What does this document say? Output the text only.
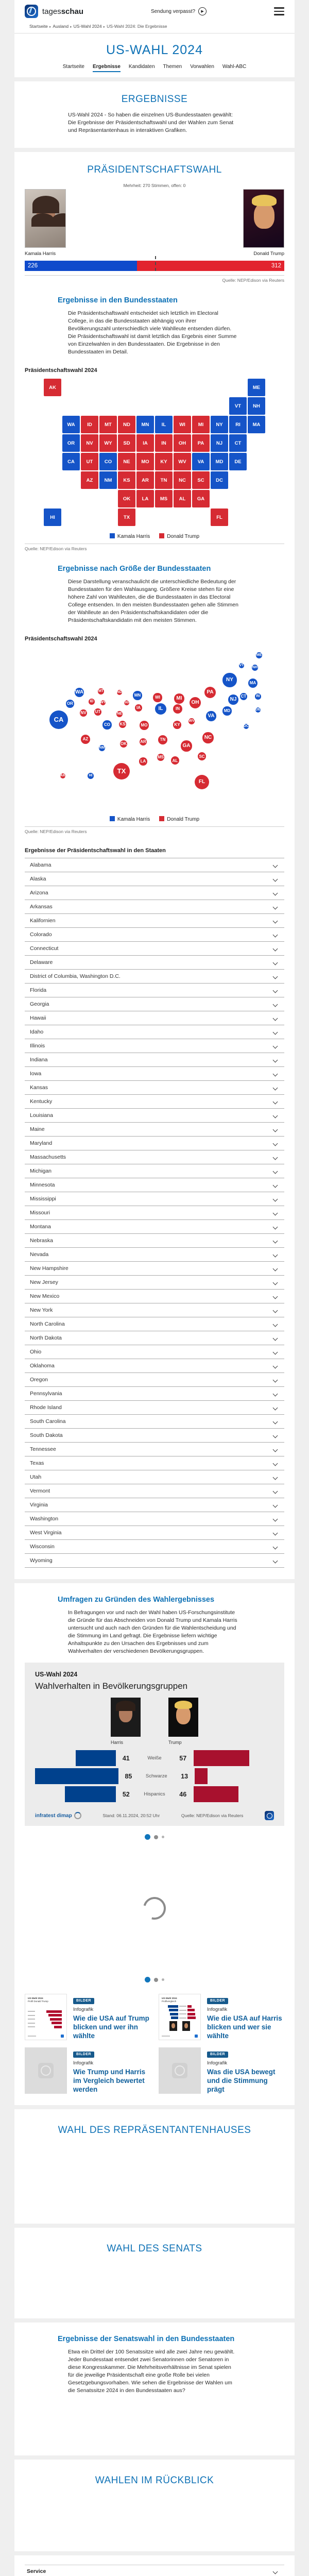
tagesschau	Sendung verpasst? ▶
Startseite ▸ Ausland ▸ US-Wahl 2024 ▸ US-Wahl 2024: Die Ergebnisse
US-WAHL 2024
Startseite Ergebnisse Kandidaten Themen Vorwahlen Wahl-ABC
ERGEBNISSE

US-Wahl 2024 - So haben die einzelnen US-Bundesstaaten gewählt: Die Ergebnisse der Präsidentschaftswahl und der Wahlen zum Senat und Repräsentantenhaus in interaktiven Grafiken.

PRÄSIDENTSCHAFTSWAHL
Mehrheit: 270 Stimmen, offen: 0
Kamala Harris	Donald Trump
226	312
Quelle: NEP/Edison via Reuters
Ergebnisse in den Bundesstaaten

Die Präsidentschaftswahl entscheidet sich letztlich im Electoral College, in das die Bundesstaaten abhängig von ihrer Bevölkerungszahl unterschiedlich viele Wahlleute entsenden dürfen. Die Präsidentschaftswahl ist damit letztlich das Ergebnis einer Summe von Einzelwahlen in den Bundesstaaten. Die Ergebnisse in den Bundesstaaten im Detail.

Präsidentschaftswahl 2024
AL
AK
AZ	AR
CA	CO
CT
DE
DC
FL
GA
HI
ID	IL
IN
IA
KS
KY
LA
ME
MD
MA
MI
MN
MS
MO
MT
NE
NV
NH
NJ
NM
NY
NC
ND
OH
OK
OR	PA
RI
SC
SD
TN
TX
UT
VT
VA
WA
WV
WI
WY
Kamala Harris	Donald Trump
Quelle: NEP/Edison via Reuters
Ergebnisse nach Größe der Bundesstaaten

Diese Darstellung veranschaulicht die unterschiedliche Bedeutung der Bundesstaaten für den Wahlausgang. Größere Kreise stehen für eine höhere Zahl von Wahlleuten, die die Bundesstaaten in das Electoral College entsenden. In den meisten Bundesstaaten gehen alle Stimmen der Wahlleute an den Präsidentschaftskandidaten oder die Präsidentschaftskandidatin mit den meisten Stimmen.

Präsidentschaftswahl 2024
AL
AK
AZ
AR
CA
CO
CT
DE
DC
FL
GA
HI
ID
IL	IN
IA
KS	KY
LA
ME
MD
MA
MI
MN
MS
MO
MT
NE
NV
NH
NJ
NM
NY
NC
ND
OH
OK
OR
PA
RI
SC
SD
TN
TX
UT
VT
VA
WA
WV
WI
WY
Kamala Harris	Donald Trump
Quelle: NEP/Edison via Reuters
Ergebnisse der Präsidentschaftswahl in den Staaten
Alabama
Alaska
Arizona
Arkansas
Kalifornien
Colorado
Connecticut
Delaware
District of Columbia, Washington D.C.
Florida
Georgia
Hawaii
Idaho
Illinois
Indiana
Iowa
Kansas
Kentucky
Louisiana
Maine
Maryland
Massachusetts
Michigan
Minnesota
Mississippi
Missouri
Montana
Nebraska
Nevada
New Hampshire
New Jersey
New Mexico
New York
North Carolina
North Dakota
Ohio
Oklahoma
Oregon
Pennsylvania
Rhode Island
South Carolina
South Dakota
Tennessee
Texas
Utah
Vermont
Virginia
Washington
West Virginia
Wisconsin
Wyoming
Umfragen zu Gründen des Wahlergebnisses

In Befragungen vor und nach der Wahl haben US-Forschungsinstitute die Gründe für das Abschneiden von Donald Trump und Kamala Harris untersucht und auch nach den Gründen für die Wahlentscheidung und die Stimmung im Land gefragt. Die Ergebnisse liefern wichtige Anhaltspunkte zu den Ursachen des Ergebnisses und zum Wahlverhalten der verschiedenen Bevölkerungsgruppen.

US-Wahl 2024
Wahlverhalten in Bevölkerungsgruppen
Harris	Trump
41	Weiße	57
85	Schwarze	13
52	Hispanics	46
infratest dimap	Stand: 06.11.2024, 20:52 Uhr	Quelle: NEP/Edison via Reuters
US-Wahl 2024
Profil Donald Trump	BILDER
Infografik
Wie die USA auf Trump blicken und wer ihn wählte
US-Wahl 2024
Profilvergleich	BILDER
Infografik
Wie die USA auf Harris blicken und wer sie wählte
BILDER
Infografik
Wie Trump und Harris im Vergleich bewertet werden
BILDER
Infografik
Was die USA bewegt und die Stimmung prägt
WAHL DES REPRÄSENTANTENHAUSES
WAHL DES SENATS
Ergebnisse der Senatswahl in den Bundesstaaten

Etwa ein Drittel der 100 Senatssitze wird alle zwei Jahre neu gewählt. Jeder Bundesstaat entsendet zwei Senatorinnen oder Senatoren in diese Kongresskammer. Die Mehrheitsverhältnisse im Senat spielen für die jeweilige Präsidentschaft eine große Rolle bei vielen Gesetzgebungsvorhaben. Wie sehen die Ergebnisse der Wahlen um die Senatssitze 2024 in den Bundesstaaten aus?

WAHLEN IM RÜCKBLICK
Service
